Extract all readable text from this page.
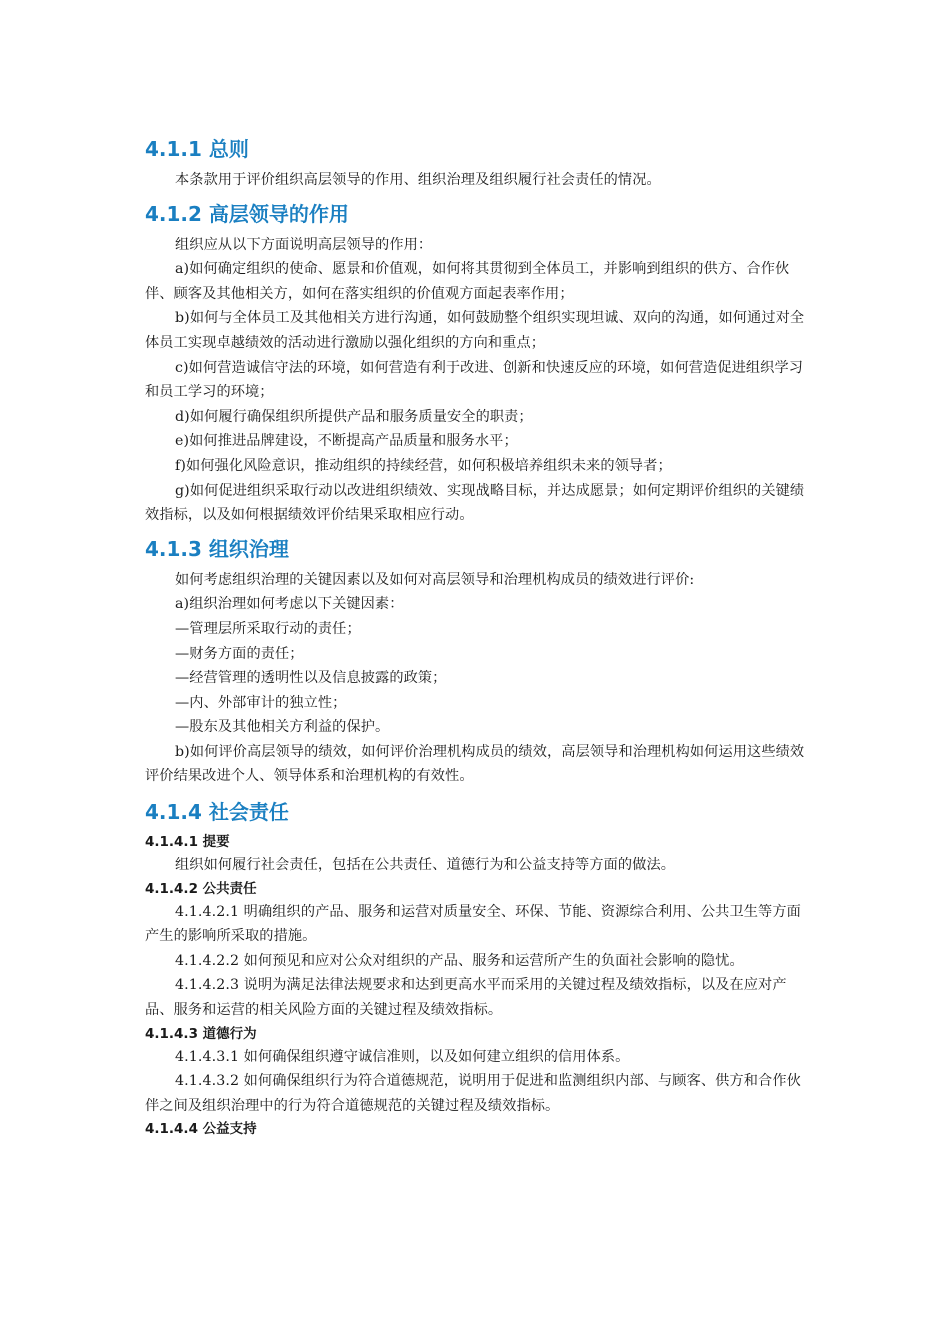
4.1.1 总则

本条款用于评价组织高层领导的作用、组织治理及组织履行社会责任的情况。

4.1.2 高层领导的作用

组织应从以下方面说明高层领导的作用：

a)如何确定组织的使命、愿景和价值观，如何将其贯彻到全体员工，并影响到组织的供方、合作伙伴、顾客及其他相关方，如何在落实组织的价值观方面起表率作用；

b)如何与全体员工及其他相关方进行沟通，如何鼓励整个组织实现坦诚、双向的沟通，如何通过对全体员工实现卓越绩效的活动进行激励以强化组织的方向和重点；

c)如何营造诚信守法的环境，如何营造有利于改进、创新和快速反应的环境，如何营造促进组织学习和员工学习的环境；

d)如何履行确保组织所提供产品和服务质量安全的职责；

e)如何推进品牌建设，不断提高产品质量和服务水平；

f)如何强化风险意识，推动组织的持续经营，如何积极培养组织未来的领导者；

g)如何促进组织采取行动以改进组织绩效、实现战略目标，并达成愿景；如何定期评价组织的关键绩效指标，以及如何根据绩效评价结果采取相应行动。

4.1.3 组织治理

如何考虑组织治理的关键因素以及如何对高层领导和治理机构成员的绩效进行评价:

a)组织治理如何考虑以下关键因素：

—管理层所采取行动的责任；

—财务方面的责任；

—经营管理的透明性以及信息披露的政策；

—内、外部审计的独立性；

—股东及其他相关方利益的保护。

b)如何评价高层领导的绩效，如何评价治理机构成员的绩效，高层领导和治理机构如何运用这些绩效评价结果改进个人、领导体系和治理机构的有效性。

4.1.4 社会责任
4.1.4.1 提要

组织如何履行社会责任，包括在公共责任、道德行为和公益支持等方面的做法。

4.1.4.2 公共责任

4.1.4.2.1 明确组织的产品、服务和运营对质量安全、环保、节能、资源综合利用、公共卫生等方面产生的影响所采取的措施。

4.1.4.2.2 如何预见和应对公众对组织的产品、服务和运营所产生的负面社会影响的隐忧。

4.1.4.2.3 说明为满足法律法规要求和达到更高水平而采用的关键过程及绩效指标，以及在应对产品、服务和运营的相关风险方面的关键过程及绩效指标。

4.1.4.3 道德行为

4.1.4.3.1 如何确保组织遵守诚信准则，以及如何建立组织的信用体系。

4.1.4.3.2 如何确保组织行为符合道德规范，说明用于促进和监测组织内部、与顾客、供方和合作伙伴之间及组织治理中的行为符合道德规范的关键过程及绩效指标。

4.1.4.4 公益支持
